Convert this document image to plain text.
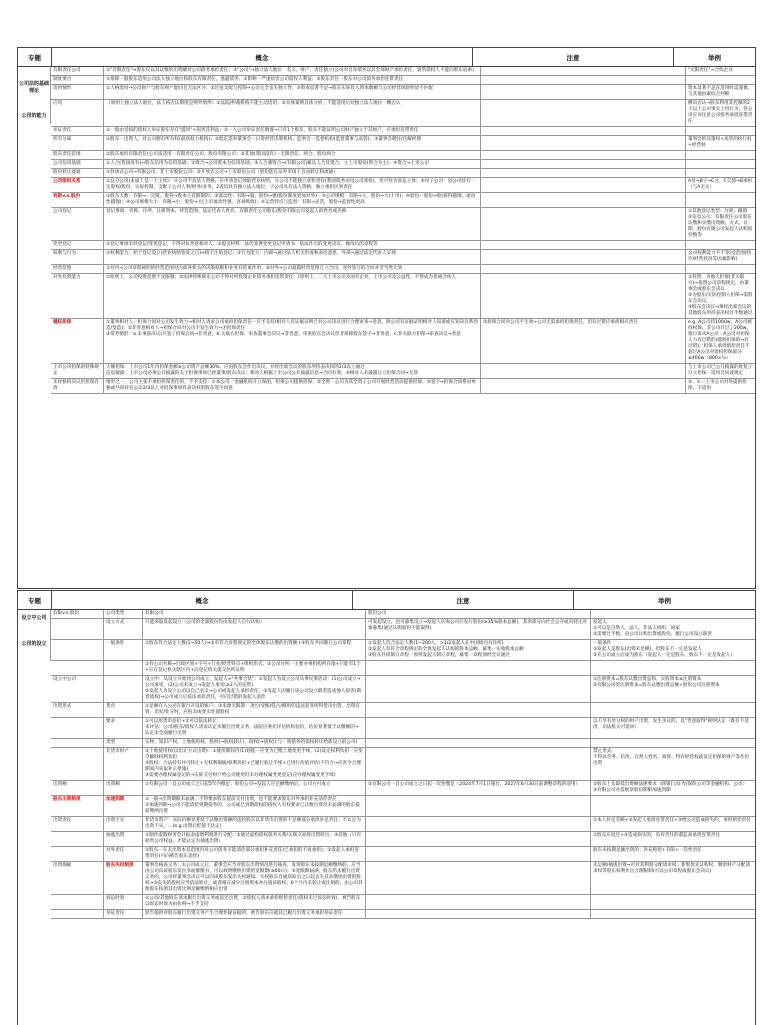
专题	概念	注意	举例
有限责任公司	①"有限责任"→股东仅以其认缴的出资额对公司债务承担责任；②"公司"→独立法人地位：名义、财产、责任独立(公司对自身债务以其全部财产承担责任，通常债权人不能向股东追索)	"无限责任"→合伙企业
制度要点	①排除一般股东适用公司法人独立地位和股东有限责任，逃避债务；②影响一严重损害公司债权人利益；③股东责任一股东对公司债务承担连带责任
适用情形	①人格混同→公司财产与股东财产混同且无法区分；②过度支配与控制→公司完全丧失独立性；③资本显著不足→股东实际投入资本数额与公司经营风险明显不匹配	资本显著不足在适用时需谨慎，与其他因素综合判断
应用	（原则上独立法人地位，法人格否认制度是例外情形）①法院/仲裁机构不能主动适用；②具体案例具体分析，不能适用后对独立法人地位一概否认	横向否认→股东利用其控制的2个以上公司事实上进行为，各公司应对任意公司债务承担连带责任
举证责任	①一般由受损的债权人举证股东存在"滥用"+损害其利益；②一人公司举证责任倒置→只有1个股东，股东不能证明公司财产独立于其财产，应承担连带责任
所有分离	①股东一出资人，对公司拥有所有权(最高权力机构)；②股东选举董事会一日常经营决策机构，监事会一监督机构(监督董事与高管)；③董事会聘任/任解经理	董事会的决策权+高管的执行权+经营权
股东责任范围	①股东承担有限责任(公司法适用一有限责任公司、股份有限公司；②其他(我国没有)一无限责任、两合、股份两合
公司信用基础	①人合(我国没有)→股东信用为信用基础；②资合→公司资本为信用基础；③人合兼资合→(有限公司)兼具人合及资合，主上市股份(资合为主)；④资合→上市公司
股份转让流通	①封闭式公司→有限公司、非上市股份公司；②开放式公司→上市股份公司（股份能在证券市场上自由转让和流通）
公司组织关系	①总分公司(本质上是一个主体)：分公司不具法人资格，应申请登记领取营业执照，分公司不能独立承担责任(我国债务由母公司承担)，但可作为诉讼主体；②母子公司：母公司持有一定股权/股份、实际控制，支配子公司人事/财务/业务，2者均具有独立法人地位，子公司具有法人资格，独立承担民事责任
A母→B子→C分，C欠债→B承担（与A无关）
有限v.s.股份	①股东人数：有限→一定限，股份→股本小有限制的；②流动性：有限→弱，股份→强(股份制度更加对外)；③公司规模：有限→小，股份→大(上市)；④股份一股份→股(拆得越细，流动性越强)；④公司规模大小：有限→小，股份→大(上市流动性强，容易吸收)；⑤运营特点与监督：有限→灵活，股份→监督性更高
公司登记	登记事项：名称、住所、注册资本、经营范围、法定代表人姓名、有限责任公司股东/股份有限公司发起人的姓名或名称	①其他登记类型：注册、撤销
②信息公示：有限责任公司股东认缴和实缴出资额、方式、日期，股份有限公司发起人认购股份数等
变更登记	①登记事项未经登记/变更登记，不得对抗善意相对人；②提交材料：法代签署变更登记申请书、依法作出的变更决议、修改后的章程等
权利与行为	①权利能力：始于登记设立(营业执照签发之日)→终于注销登记；②行为能力：内部→通过法人机关形成和表达意思，外部→通过法定代表人实现	公司权利能力不不等(受范围/特许/经营状况等因素影响)
经营范围	①对内→公司章程载明的经营范围对内部各机关的决策权限和业务有约束作用；②对外→公司超越经营范围订立合同，对外签订的合同并非当然无效
对外投资能力	①原则上，公司投资范围不受限制；②法律特殊规定公司不得对所投资企业债务承担连带责任：(原则上，二人上市公司及国有企业，上市公司及公益性，不得成为普通合伙人	①投资，为他人担保(非关联方)→依照公司章程规定，由董事会或股东会决议
②为股东/实际控制人担保→需股东会决议，
③股东会决议→须经出席会议的其他股东所持表决权过半数通过
越权担保	①董事相对人一担保合同对公司发生效力→相对人请求公司承担担保责任一应予支持(相对人有证据证明已对公司决议进行合理审查→善意，除公司有证据证明相对人知道或应知决议系伪造/变造)；②非善意相对人→担保合同对公司不发生效力→无担保责任
③常考情形：a.未事前决议(只签了担保合同→非善意，b.关联方担保：审查董事会决议→非善意，审查股东会决议但非排除股东签字→非善意，c.非关联方担保→审查决议→善意
②担保合同对公司不生效→公司无需承担担保责任，但有过错应承担相应责任	e.g. A公司持1000w，A公司被投权保，非公司只过了200w，银行诉从A公司一A公司对担保人力有过错的(越权担保的→有过错)，担保人承担赔偿责任不超过A公司对债权担保部分≤400w（800×½）
上市公司担保的特殊规定
大额担保：上市公司1年内担保金额≥公司资产总额30%，应由股东会作出决议，并经出席会议的股东所持表决权的2/3以上通过
信息披露：上市公司必须公开披露的关于担保事项已经董事/股东决议；相对人根据上市公司公开披露信息→合同有效，②相对人未披露订立担保合同→无效
与上市公司已公开披露的批复子订立担保一适用合同或规定
未经机构决议但担保有效
情形之一，公司主张不承担担保责任的，不予支持：①本公司一金融机构开立保函，担保公司提供担保；②全资一公司为其全资子公司开展经营活动提供担保；③签字→担保合同系由单独或共同持有公司2/3以上对担保事项有表决权的股东签字同意
②、①一上市公司对外提供担保，不适用
公司法的基础理论
公司的能力
专题	概念	注意	举例
有限v.s.股份	公司类型	有限公司	股份公司
设立方式	只能采取发起设立（公司的全部股份均由发起人自行认购）	可发起设立，也可募集设立→发起人认购公司应发行股份(≥35%股本总额)，其余部分向社会公开或向特定对象募集(通过认购股份不能取得)
发起人：
①可以是自然人、法人、非法人组织、国家
②需要过半数，向公司认购出资或股份，履行公司设立职责
一般条件	①股东符合法定人数(1~50人)→②有符合章程规定的全体股东认缴的出资额+③股东共同制订公司章程	①发起人符合法定人数(1~200人，>1/2发起人在中国境内有住所)
②发起人有符合章程规定的全体发起人认购的股本总额、募集一实收股本总额
③股东共同制订章程一原则发起人制订章程，募集一章程须经会议通过
一般条件
①发起人是股东(出资未足额)，但股东不一定是发起人
②在公司成立后成为股东（发起人一定是股东，股东不一定是发起人）
①有公司名称→行政区划+字号+行业/经营特点+组织形式；②公司住所一主要办事机构所在地+只能有1个+应在登记机关辖区内+向登记机关提交住所证明
设立中公司	设立中：从设立开始到公司成立，发起人≈"共事合伙"；①发起人为设立公司从事民事活动：(1)公司成立→公司承受，(2)公司未成立→发起人承受(≥2人的连带)
②发起人为设立公司以自己名义→公司或发起人承担责任；③发起人因履行该公司设立职责造成他人损害(期责债权)→公司成立后依法承担责任，可向过错的发起人追偿
①注册资本=股东认缴出资总和、实收资本≤注册资本
②有限公司的注册资本=股东认缴出资总额+股份公司注册资本
出资形式	货币	①足额存入公司在银行开设的账户；②来源无限制：贪污/受贿/侵占/挪用的违法犯罪所得货币出资，出资有效，追究/处分时，应拍卖或变卖处置股权
要求	①可以用货币估价+②可以依法转让
未评估：公司/股东/债权人请求认定未履行出资义务，法院应委托评估机构估价，估价显著低于认缴额的→认定未全面履行出资
以不享有处分权的财产出资，发生争议的，以"善意取得"规则认定（既有不适用，司法机关可追回）
类型	实物、知识产权、土地使用权、股权(→股权转让)、债权(→债权让与：将债务的债权转让给新设立的公司)
非货币财产	①土地使用权(以出让方式出资)：①使用期间内(1)划拨一应变为已缴土地变更手续，(2)设定权利负担一应变令解除权利负担
②股权：合法持有并可转让+无权利瑕疵/权利负担+已履行转让手续+已进行价值评估(不符合→应责令合理期间内采取补正措施)
③需要办理权属登记的→实际交付财产给公司使用但未办理权属变更登记(应办理权属变更手续)
禁止形式：
不得以劳务、信用、自然人姓名、商誉、特许经营权或设定担保的财产等作价出资
出资额	出资额	①有限公司一自公司成立之日起5年内缴足；股份公司→发起人应足额缴纳后，公司方可成立	②有限公司一自公司成立之日起一次性缴足（2024年7月1日施行，2027年6月30日前调整章程的适用）	①股东上头最低出资额法律要求（除银行/证券/保险公司等金融机构、公司）
②有限公司并需规章股份期限加速到期
股东出资制度	加速到期	①一般→出资期限未届满，不得要求股东提前交付出资，也不能要求股东对外承担补充清偿责任
②加速到期→公司不能清偿到期债务的，公司或已到期债权的债权人有权要求已认缴出资但未届满的股东提前缴纳出资
出资责任	出资不实	非货币资产：实际价额显著低于认缴出资额的违约股东以非货币出资的不足额部分承担补足责任；不认定为出资不实，…(e.g.出资后贬值不认定)
①本人补足差额+②发起人承担连带责任+③给公司造成损失的，承担赔偿责任
抽逃出资	①制作虚假财务会计报表虚增利润进行分配；②通过虚构债权债务关系/关联交易将出资转出；③其他（只有损害公司权益、才能认定为抽逃出资）
①股东应返还+②造成损失的，负有责任的董监高承担连带责任
对外责任	①股东一在未出资本息范围内对公司债务不能清偿部分承担补充责任(已承担的不再承担)；②发起人承担连带责任(可向被告股东追偿)
股东未按期足额出资的：补充赔偿+有限+一次性责任
出资瑕疵	股东失权制度	董事会核查义务：①公司成立后，董事会应当对股东出资情况进行核查，发现股东未按期足额缴纳的，应当由公司向该股东发出书面催缴书，可以载明缴纳出资的宽限期(≥60日)；②宽限期届满，股东仍未履行出资义务的，公司经董事会决议可以向该股东发出失权通知，失权股东自通知发出之日起丧失其未缴纳出资的股权→③丧失的股权应当依法转让，或者相应减少注册资本并注销该股权；6个月内未转让或注销的，由公司其他股东按照其出资比例足额缴纳相应出资
未足额/抽逃出资→可对其利润分配请求权、新股优先认购权、剩余财产分配请求权等股东权利作出合理限制(可以公司章程或股东会决议)
诉讼时效	①公司/其他股东请求履行出资义务或返还出资，②债权人请求承担赔偿责任(债权未过诉讼时效)，被告股东以诉讼时效为由抗辩→不予支持
举证责任	原告提供对股东履行出资义务产生合理怀疑证据的，被告股东应就其已履行出资义务承担举证责任
设立中公司
公司的设立
